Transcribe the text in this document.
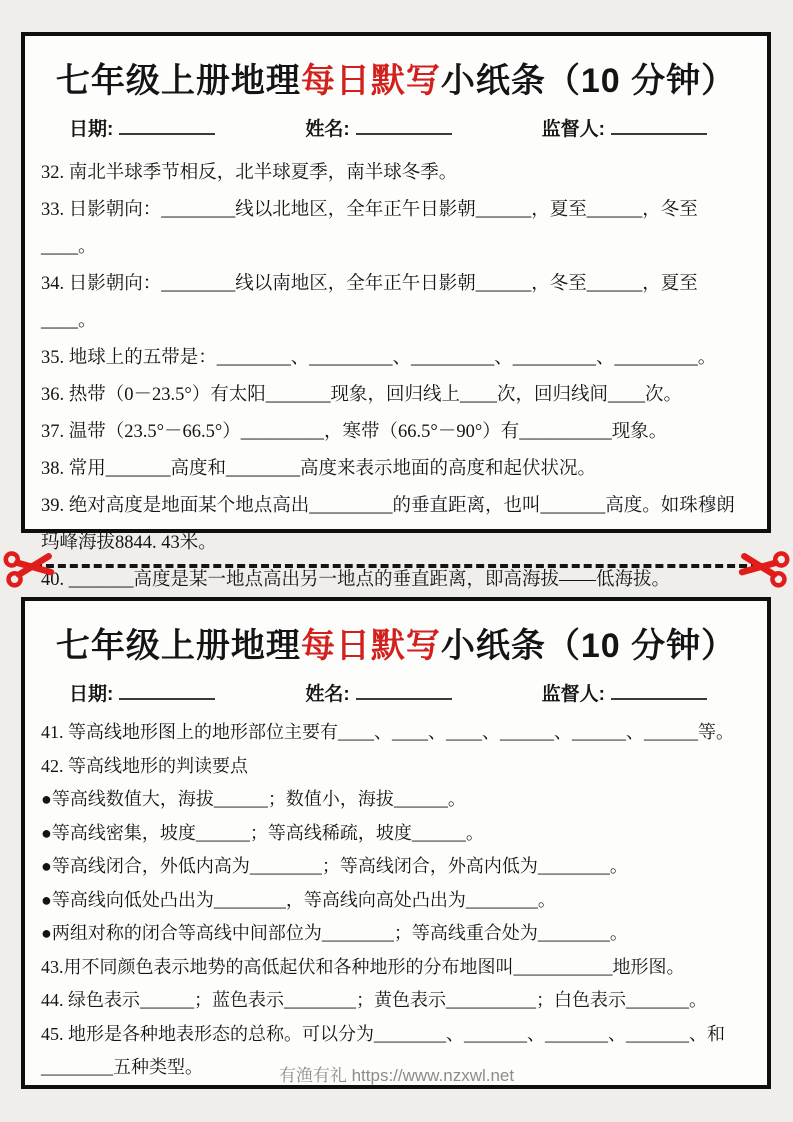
七年级上册地理每日默写小纸条（10 分钟）
日期:	姓名:	监督人:

32. 南北半球季节相反，北半球夏季，南半球冬季。

33. 日影朝向：________线以北地区，全年正午日影朝______，夏至______，冬至____。

34. 日影朝向：________线以南地区，全年正午日影朝______，冬至______，夏至____。

35. 地球上的五带是：________、_________、_________、_________、_________。

36. 热带（0－23.5°）有太阳_______现象，回归线上____次，回归线间____次。

37. 温带（23.5°－66.5°）_________，寒带（66.5°－90°）有__________现象。

38. 常用_______高度和________高度来表示地面的高度和起伏状况。

39. 绝对高度是地面某个地点高出_________的垂直距离，也叫_______高度。如珠穆朗玛峰海拔8844. 43米。

40. _______高度是某一地点高出另一地点的垂直距离，即高海拔——低海拔。

七年级上册地理每日默写小纸条（10 分钟）
日期:	姓名:	监督人:

41. 等高线地形图上的地形部位主要有____、____、____、______、______、______等。

42. 等高线地形的判读要点

●等高线数值大，海拔______；数值小，海拔______。

●等高线密集，坡度______；等高线稀疏，坡度______。

●等高线闭合，外低内高为________；等高线闭合，外高内低为________。

●等高线向低处凸出为________，等高线向高处凸出为________。

●两组对称的闭合等高线中间部位为________；等高线重合处为________。

43.用不同颜色表示地势的高低起伏和各种地形的分布地图叫___________地形图。

44. 绿色表示______；蓝色表示________；黄色表示__________；白色表示_______。

45. 地形是各种地表形态的总称。可以分为________、_______、_______、_______、和________五种类型。	有渔有礼 https://www.nzxwl.net
